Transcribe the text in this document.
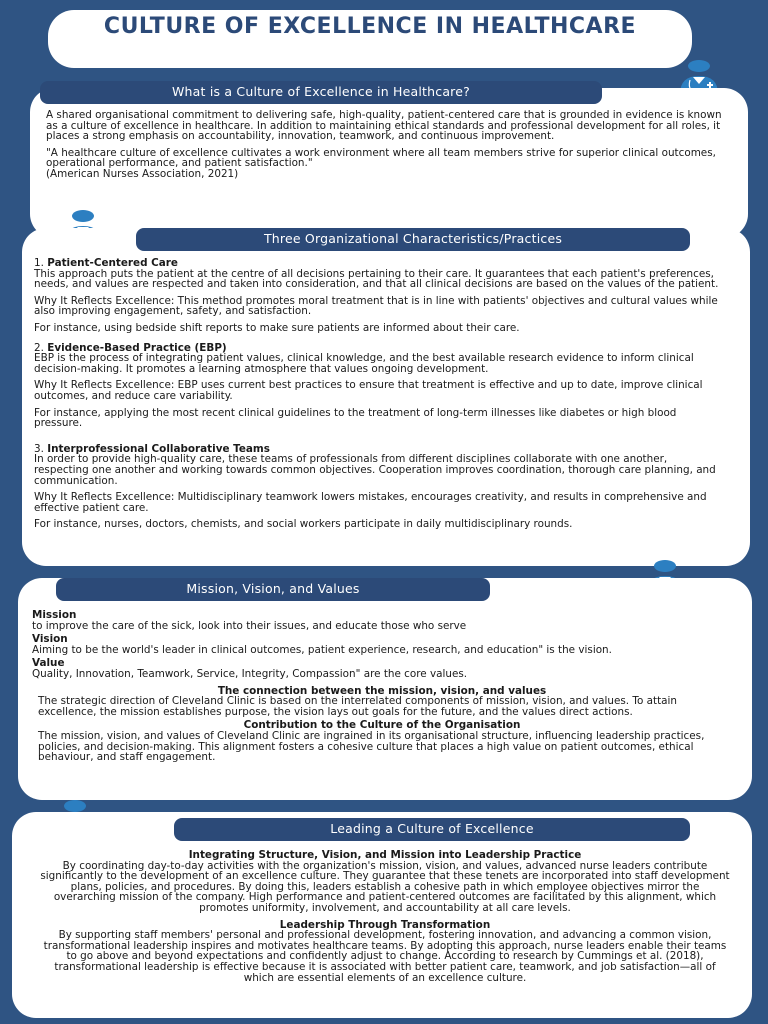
CULTURE OF EXCELLENCE IN HEALTHCARE
What is a Culture of Excellence in Healthcare?

A shared organisational commitment to delivering safe, high-quality, patient-centered care that is grounded in evidence is known as a culture of excellence in healthcare. In addition to maintaining ethical standards and professional development for all roles, it places a strong emphasis on accountability, innovation, teamwork, and continuous improvement.

"A healthcare culture of excellence cultivates a work environment where all team members strive for superior clinical outcomes, operational performance, and patient satisfaction."

(American Nurses Association, 2021)

Three Organizational Characteristics/Practices

1. Patient-Centered Care

This approach puts the patient at the centre of all decisions pertaining to their care. It guarantees that each patient's preferences, needs, and values are respected and taken into consideration, and that all clinical decisions are based on the values of the patient.

Why It Reflects Excellence: This method promotes moral treatment that is in line with patients' objectives and cultural values while also improving engagement, safety, and satisfaction.

For instance, using bedside shift reports to make sure patients are informed about their care.

2. Evidence-Based Practice (EBP)

EBP is the process of integrating patient values, clinical knowledge, and the best available research evidence to inform clinical decision-making. It promotes a learning atmosphere that values ongoing development.

Why It Reflects Excellence: EBP uses current best practices to ensure that treatment is effective and up to date, improve clinical outcomes, and reduce care variability.

For instance, applying the most recent clinical guidelines to the treatment of long-term illnesses like diabetes or high blood pressure.

3. Interprofessional Collaborative Teams

In order to provide high-quality care, these teams of professionals from different disciplines collaborate with one another, respecting one another and working towards common objectives. Cooperation improves coordination, thorough care planning, and communication.

Why It Reflects Excellence: Multidisciplinary teamwork lowers mistakes, encourages creativity, and results in comprehensive and effective patient care.

For instance, nurses, doctors, chemists, and social workers participate in daily multidisciplinary rounds.

Mission, Vision, and Values

Mission

to improve the care of the sick, look into their issues, and educate those who serve

Vision

Aiming to be the world's leader in clinical outcomes, patient experience, research, and education" is the vision.

Value

Quality, Innovation, Teamwork, Service, Integrity, Compassion" are the core values.

The connection between the mission, vision, and values

The strategic direction of Cleveland Clinic is based on the interrelated components of mission, vision, and values. To attain excellence, the mission establishes purpose, the vision lays out goals for the future, and the values direct actions.

Contribution to the Culture of the Organisation

The mission, vision, and values of Cleveland Clinic are ingrained in its organisational structure, influencing leadership practices, policies, and decision-making. This alignment fosters a cohesive culture that places a high value on patient outcomes, ethical behaviour, and staff engagement.

Leading a Culture of Excellence

Integrating Structure, Vision, and Mission into Leadership Practice

By coordinating day-to-day activities with the organization's mission, vision, and values, advanced nurse leaders contribute significantly to the development of an excellence culture. They guarantee that these tenets are incorporated into staff development plans, policies, and procedures. By doing this, leaders establish a cohesive path in which employee objectives mirror the overarching mission of the company. High performance and patient-centered outcomes are facilitated by this alignment, which promotes uniformity, involvement, and accountability at all care levels.

Leadership Through Transformation

By supporting staff members' personal and professional development, fostering innovation, and advancing a common vision, transformational leadership inspires and motivates healthcare teams. By adopting this approach, nurse leaders enable their teams to go above and beyond expectations and confidently adjust to change. According to research by Cummings et al. (2018), transformational leadership is effective because it is associated with better patient care, teamwork, and job satisfaction—all of which are essential elements of an excellence culture.
